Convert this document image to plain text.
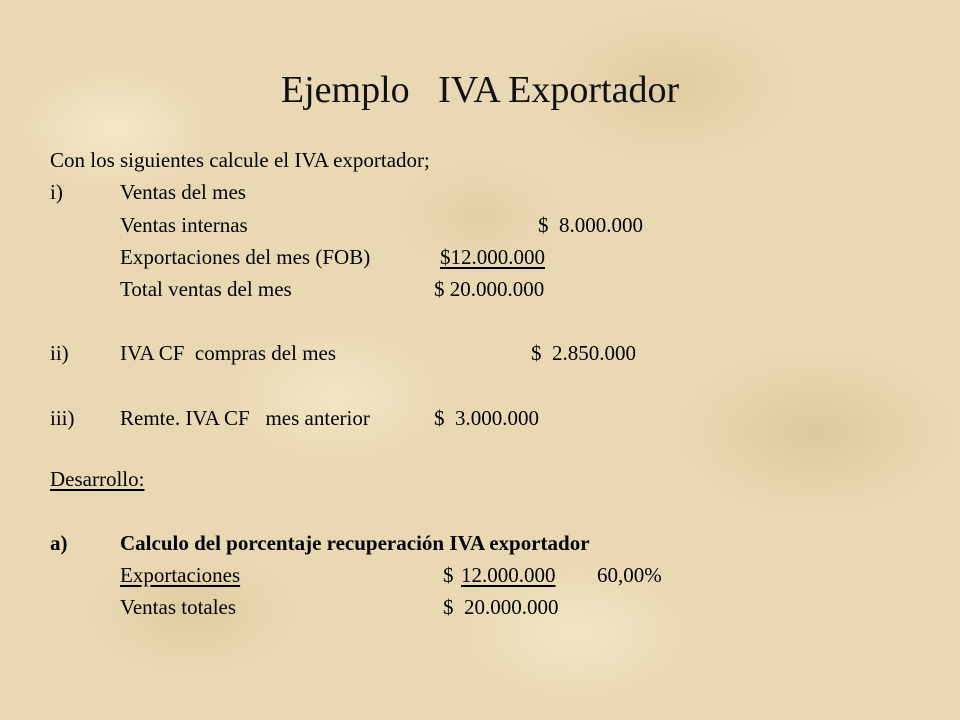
Ejemplo   IVA Exportador
Con los siguientes calcule el IVA exportador;
i)	Ventas del mes
Ventas internas	$  8.000.000
Exportaciones del mes (FOB)	$12.000.000
Total ventas del mes	$ 20.000.000
ii) IVA CF  compras del mes	$  2.850.000
iii) Remte. IVA CF   mes anterior	$  3.000.000
Desarrollo:
a)	Calculo del porcentaje recuperación IVA exportador
Exportaciones	$ 12.000.000 60,00%
Ventas totales	$  20.000.000
